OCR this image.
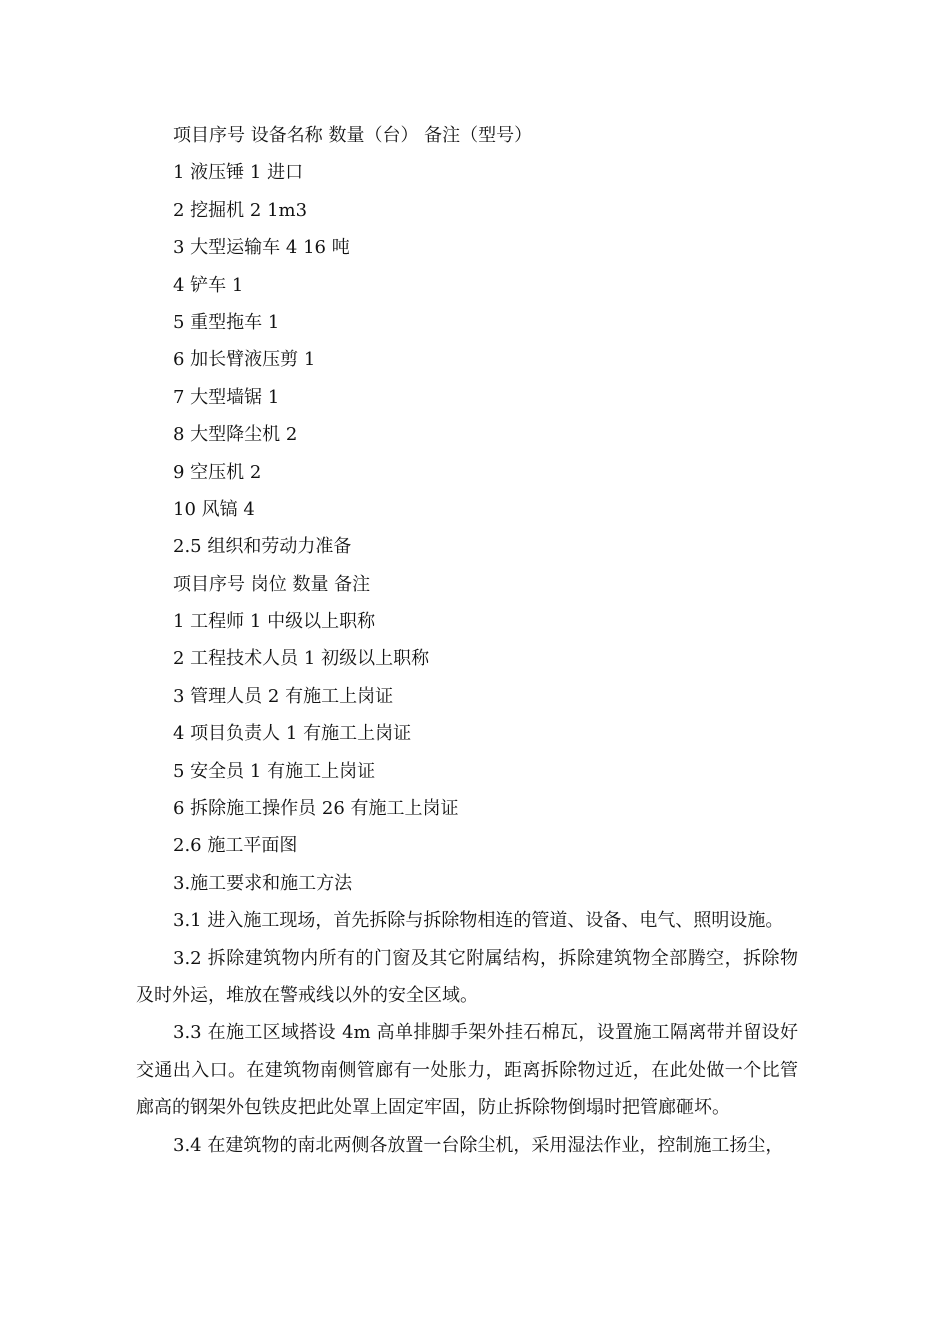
项目序号 设备名称 数量（台） 备注（型号）

1 液压锤 1 进口

2 挖掘机 2 1m3

3 大型运输车 4 16 吨

4 铲车 1

5 重型拖车 1

6 加长臂液压剪 1

7 大型墙锯 1

8 大型降尘机 2

9 空压机 2

10 风镐 4

2.5 组织和劳动力准备

项目序号 岗位 数量 备注

1 工程师 1 中级以上职称

2 工程技术人员 1 初级以上职称

3 管理人员 2 有施工上岗证

4 项目负责人 1 有施工上岗证

5 安全员 1 有施工上岗证

6 拆除施工操作员 26 有施工上岗证

2.6 施工平面图

3.施工要求和施工方法

3.1 进入施工现场，首先拆除与拆除物相连的管道、设备、电气、照明设施。

3.2 拆除建筑物内所有的门窗及其它附属结构，拆除建筑物全部腾空，拆除物及时外运，堆放在警戒线以外的安全区域。

3.3 在施工区域搭设 4m 高单排脚手架外挂石棉瓦，设置施工隔离带并留设好交通出入口。在建筑物南侧管廊有一处胀力，距离拆除物过近，在此处做一个比管廊高的钢架外包铁皮把此处罩上固定牢固，防止拆除物倒塌时把管廊砸坏。

3.4 在建筑物的南北两侧各放置一台除尘机，采用湿法作业，控制施工扬尘，
